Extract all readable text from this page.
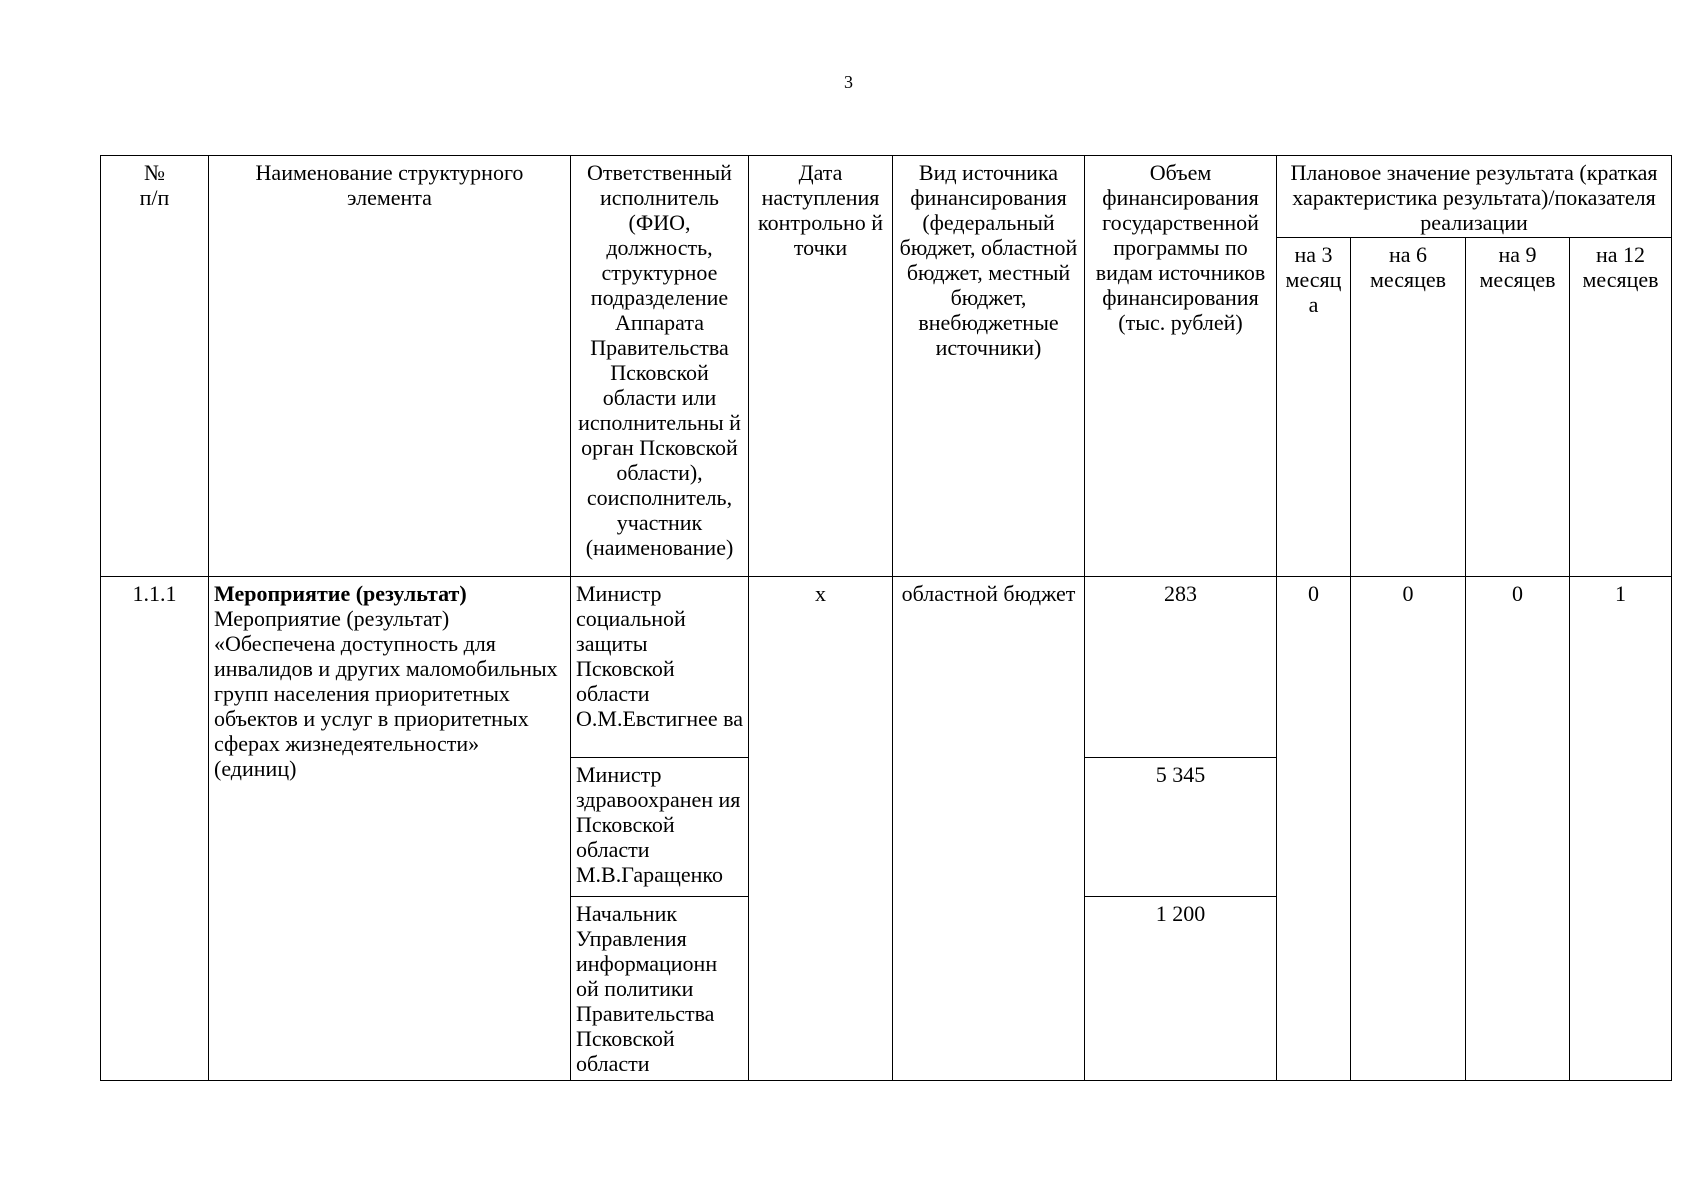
3
№
п/п	Наименование структурного элемента	Ответственный исполнитель (ФИО, должность, структурное подразделение Аппарата Правительства Псковской области или исполнительны й орган Псковской области), соисполнитель, участник (наименование)	Дата наступления контрольно й точки	Вид источника финансирования (федеральный бюджет, областной бюджет, местный бюджет, внебюджетные источники)	Объем финансирования государственной программы по видам источников финансирования (тыс. рублей)	Плановое значение результата (краткая характеристика результата)/показателя реализации			
						на 3 месяц а	на 6 месяцев	на 9 месяцев	на 12 месяцев
1.1.1	Мероприятие (результат) Мероприятие (результат) «Обеспечена доступность для инвалидов и других маломобильных групп населения приоритетных объектов и услуг в приоритетных сферах жизнедеятельности» (единиц)	Министр социальной защиты Псковской области О.М.Евстигнее ва	x	областной бюджет	283	0	0	0	1
		Министр здравоохранен ия Псковской области М.В.Гаращенко			5 345				
		Начальник Управления информационн ой политики Правительства Псковской области			1 200				
